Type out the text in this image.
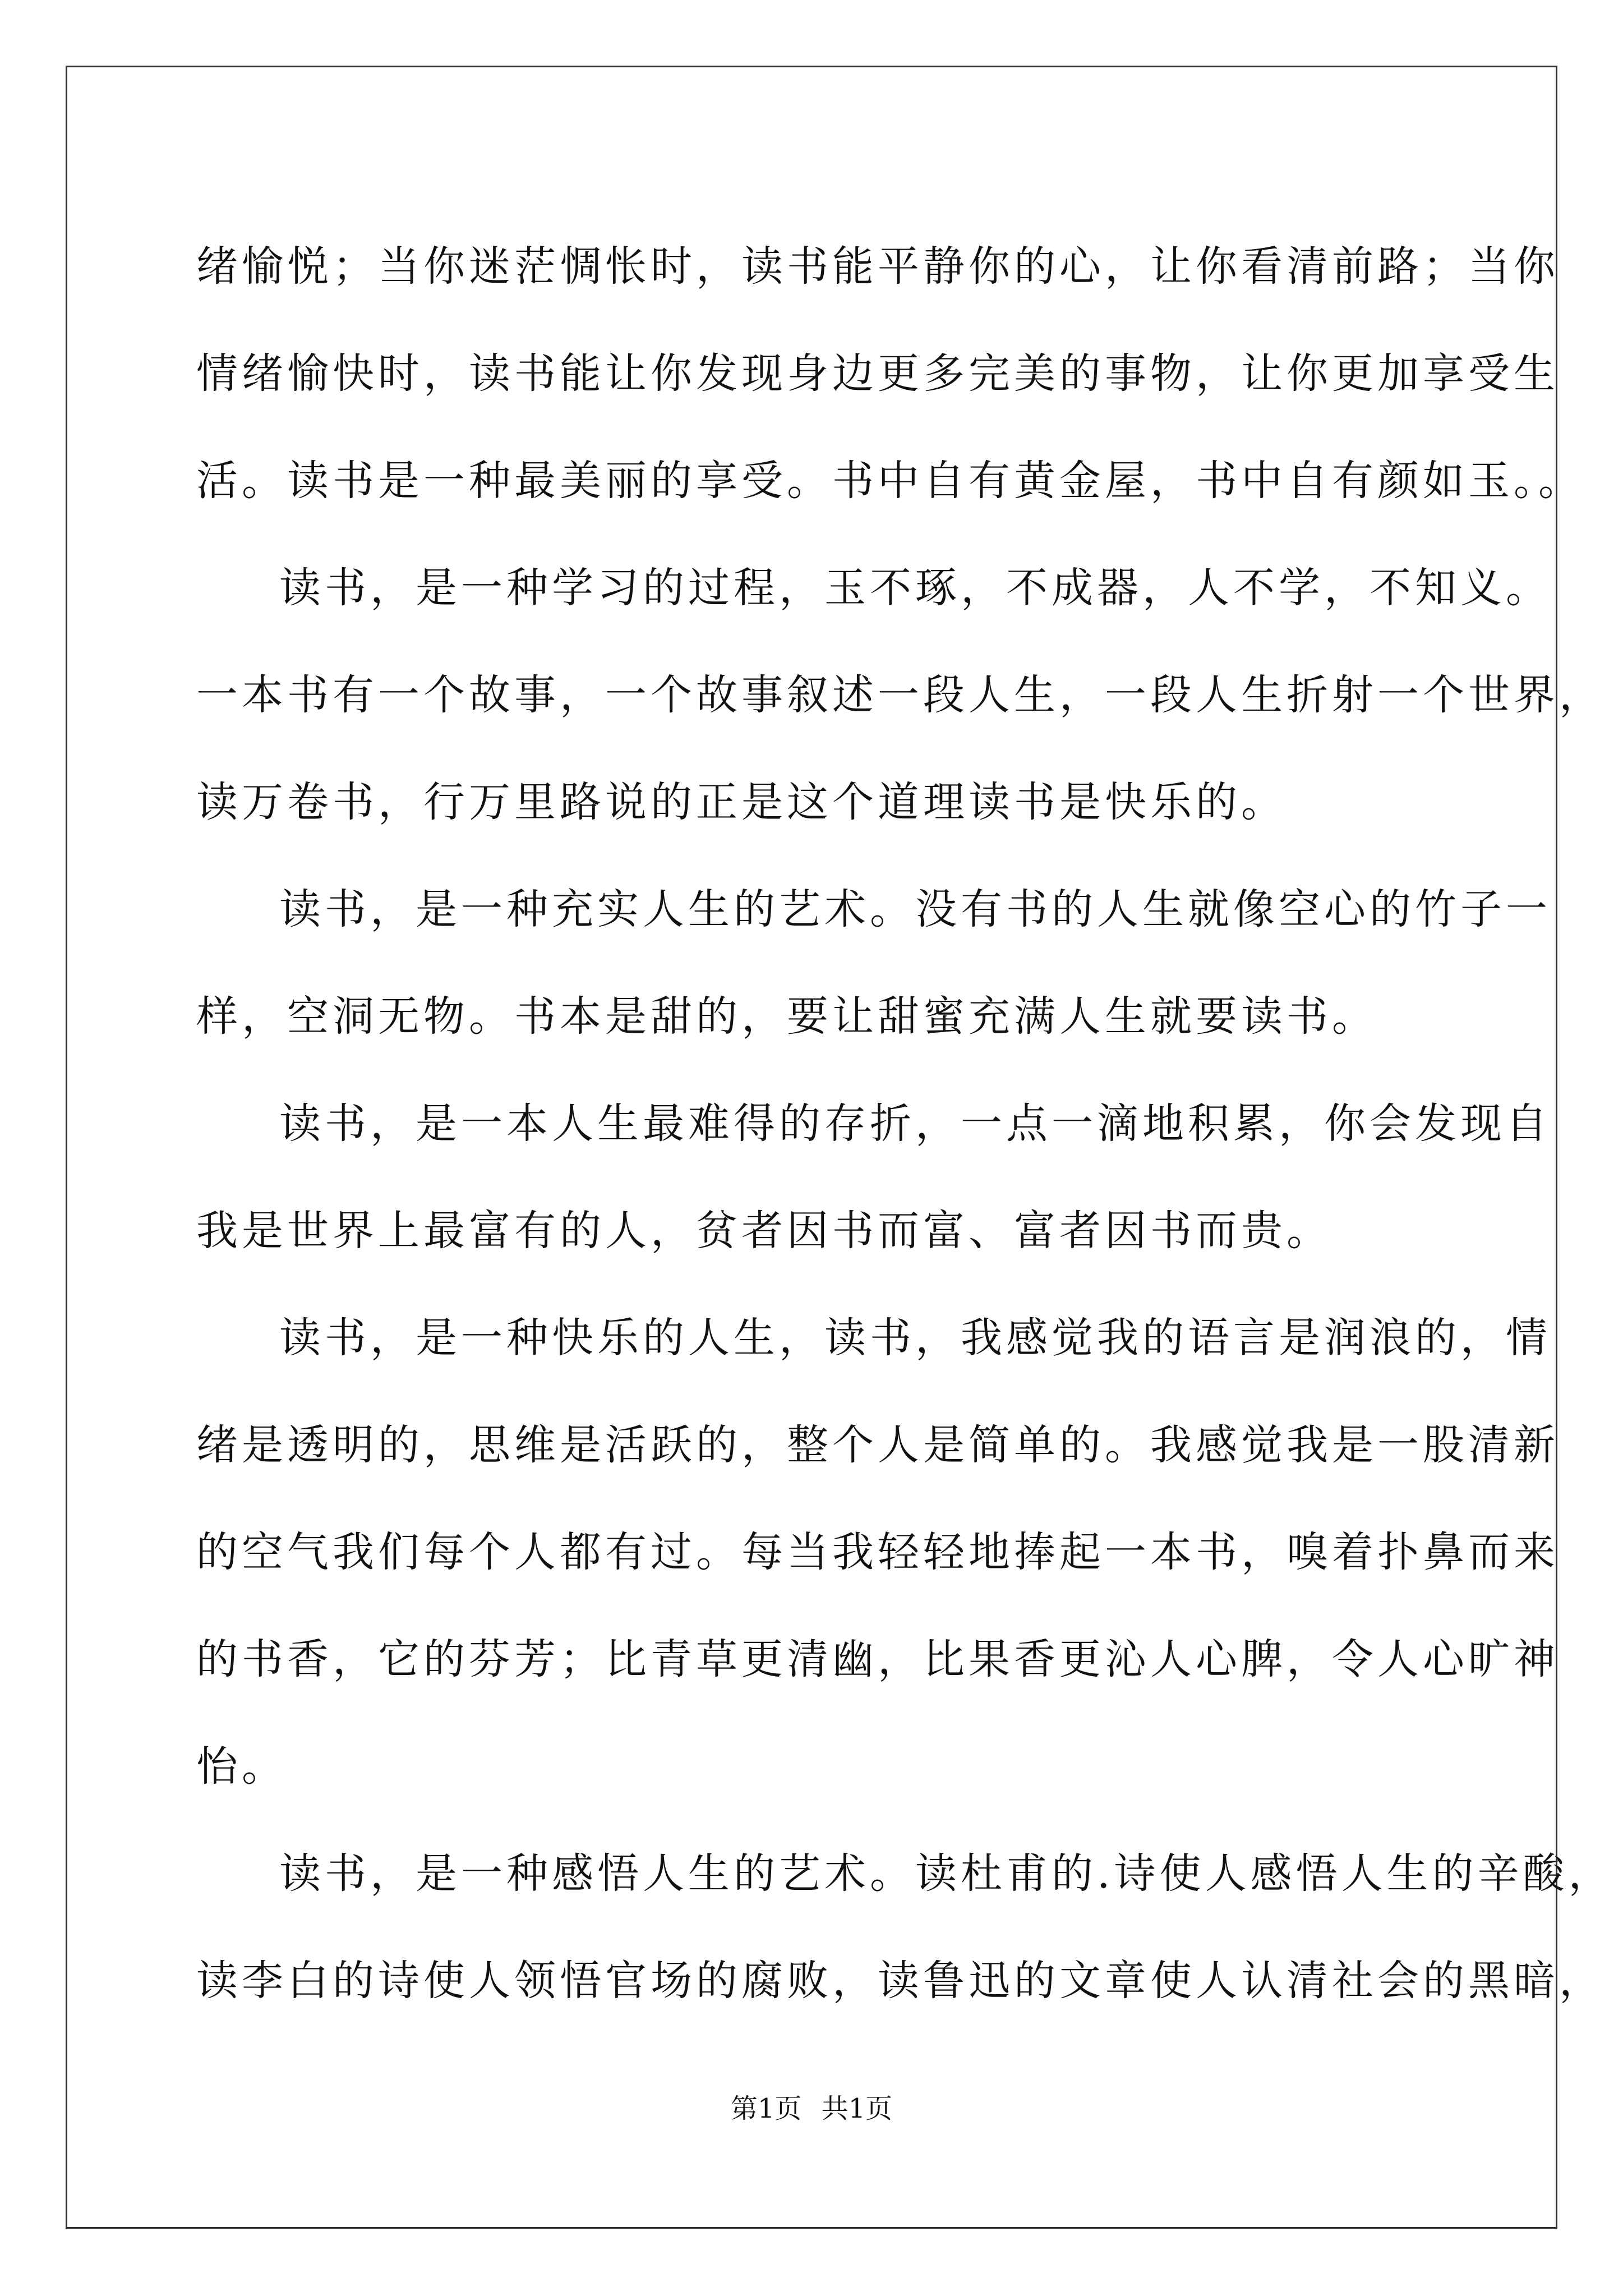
绪愉悦；当你迷茫惆怅时，读书能平静你的心，让你看清前路；当你
情绪愉快时，读书能让你发现身边更多完美的事物，让你更加享受生
活。读书是一种最美丽的享受。书中自有黄金屋，书中自有颜如玉。。
读书，是一种学习的过程，玉不琢，不成器，人不学，不知义。
一本书有一个故事，一个故事叙述一段人生，一段人生折射一个世界，
读万卷书，行万里路说的正是这个道理读书是快乐的。
读书，是一种充实人生的艺术。没有书的人生就像空心的竹子一
样，空洞无物。书本是甜的，要让甜蜜充满人生就要读书。
读书，是一本人生最难得的存折，一点一滴地积累，你会发现自
我是世界上最富有的人，贫者因书而富、富者因书而贵。
读书，是一种快乐的人生，读书，我感觉我的语言是润浪的，情
绪是透明的，思维是活跃的，整个人是简单的。我感觉我是一股清新
的空气我们每个人都有过。每当我轻轻地捧起一本书，嗅着扑鼻而来
的书香，它的芬芳；比青草更清幽，比果香更沁人心脾，令人心旷神
怡。
读书，是一种感悟人生的艺术。读杜甫的.诗使人感悟人生的辛酸，
读李白的诗使人领悟官场的腐败，读鲁迅的文章使人认清社会的黑暗，
第1页 共1页
